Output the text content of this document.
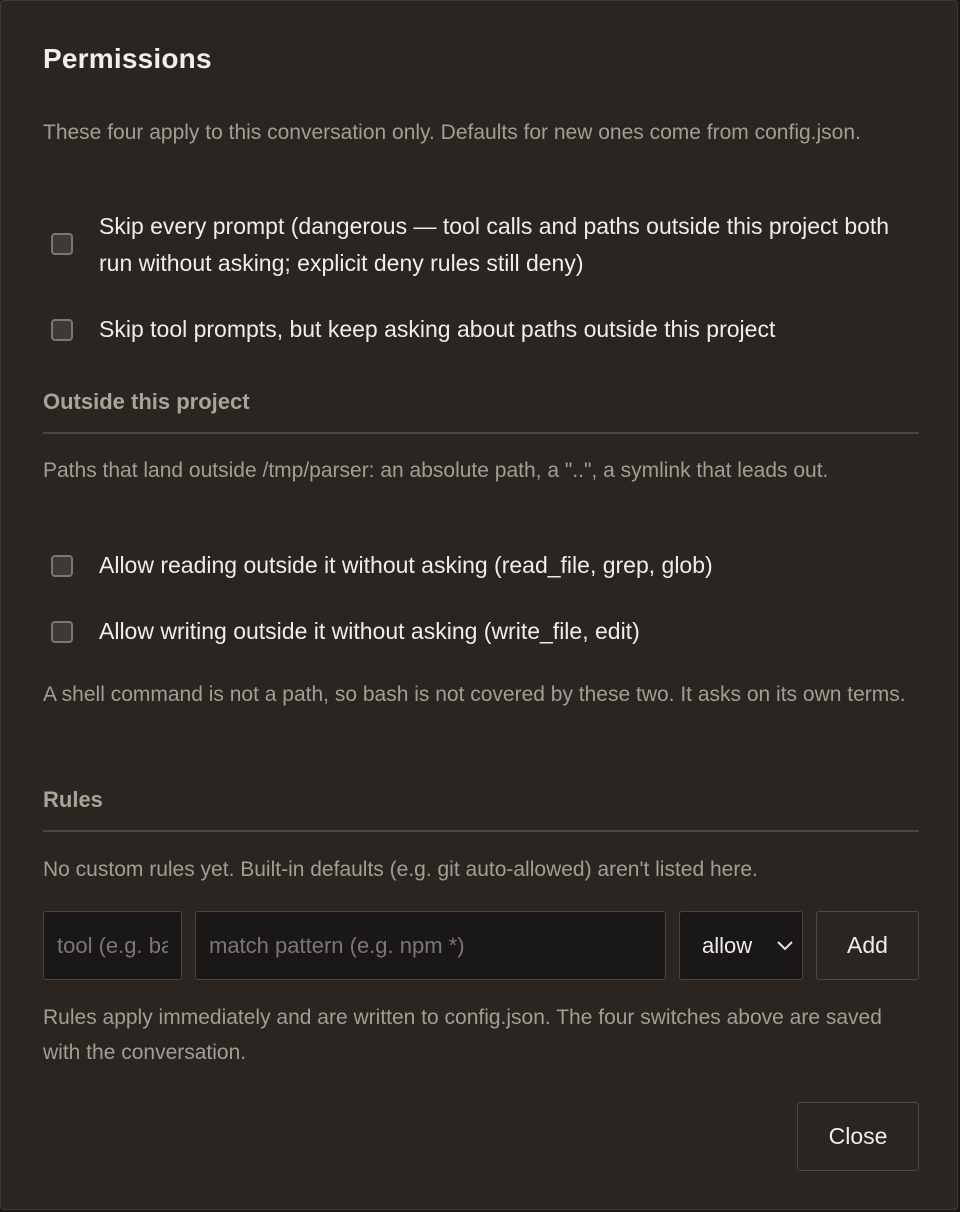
Permissions
These four apply to this conversation only. Defaults for new ones come from config.json.
Skip every prompt (dangerous — tool calls and paths outside this project both run without asking; explicit deny rules still deny)
Skip tool prompts, but keep asking about paths outside this project
Outside this project
Paths that land outside /tmp/parser: an absolute path, a "..", a symlink that leads out.
Allow reading outside it without asking (read_file, grep, glob)
Allow writing outside it without asking (write_file, edit)
A shell command is not a path, so bash is not covered by these two. It asks on its own terms.
Rules
No custom rules yet. Built-in defaults (e.g. git auto-allowed) aren't listed here.
tool (e.g. bash)
match pattern (e.g. npm *)
allow	Add
Rules apply immediately and are written to config.json. The four switches above are saved with the conversation.
Close
